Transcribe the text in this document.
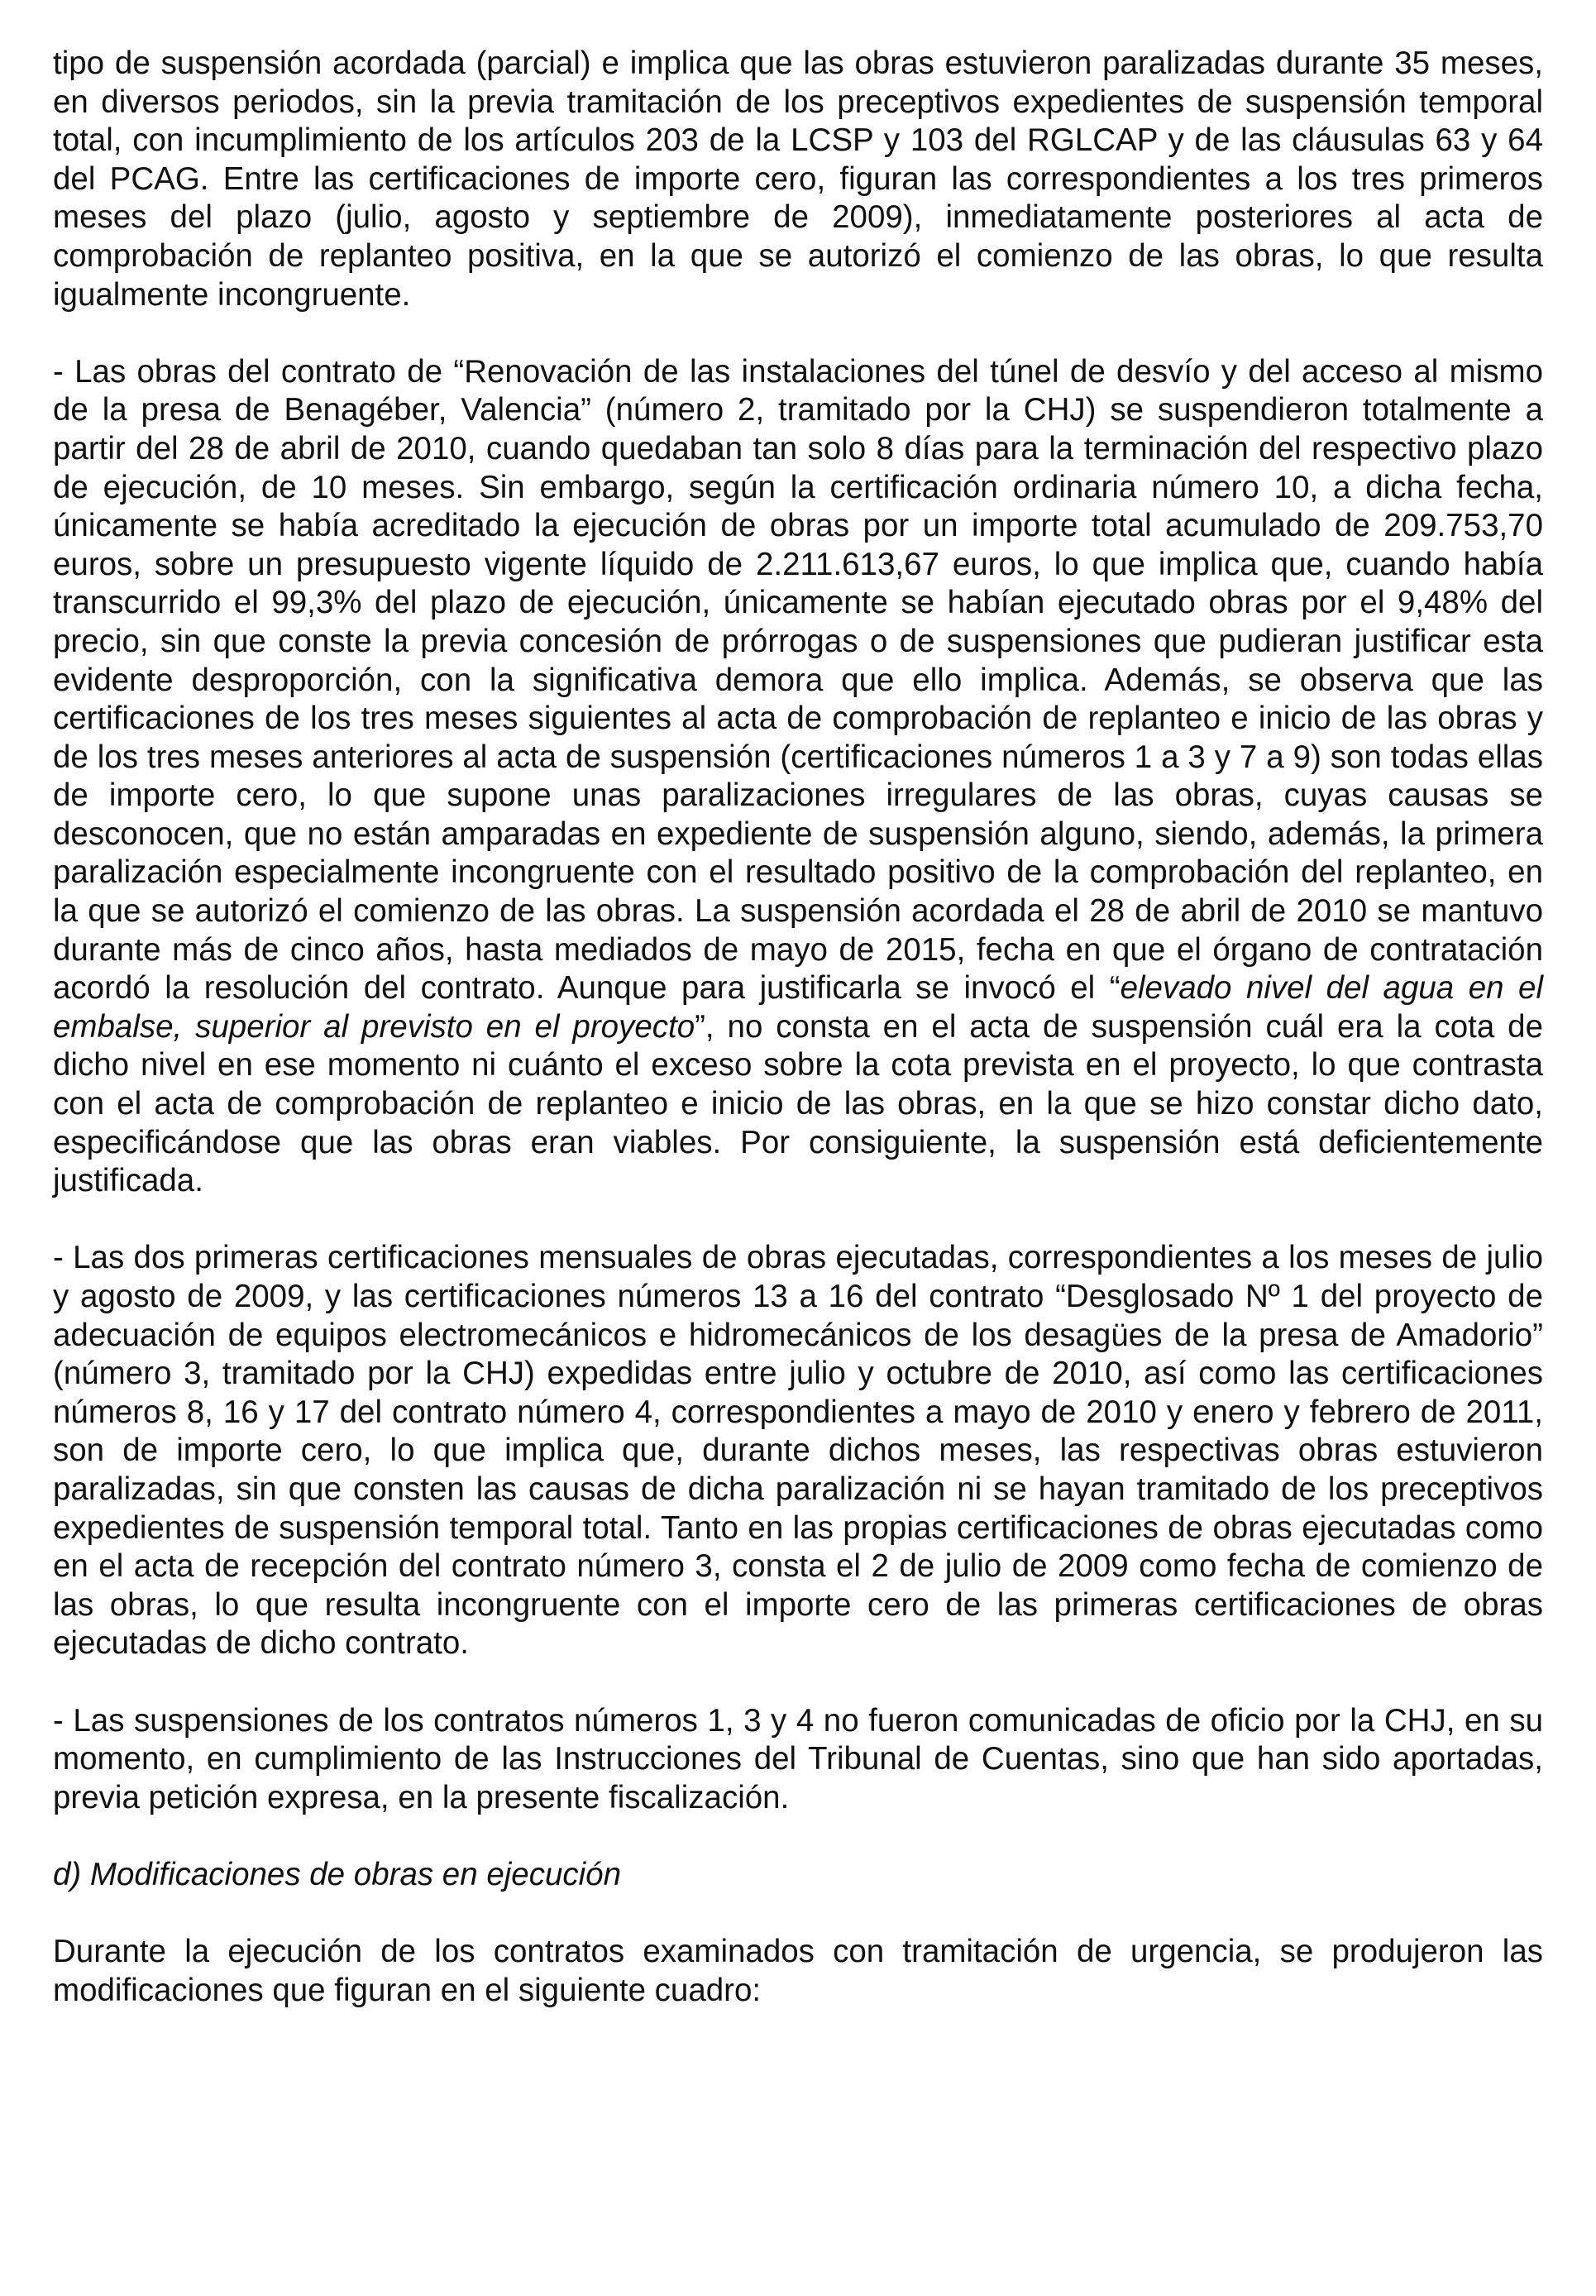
tipo de suspensión acordada (parcial) e implica que las obras estuvieron paralizadas durante 35 meses, en diversos periodos, sin la previa tramitación de los preceptivos expedientes de suspensión temporal total, con incumplimiento de los artículos 203 de la LCSP y 103 del RGLCAP y de las cláusulas 63 y 64 del PCAG. Entre las certificaciones de importe cero, figuran las correspondientes a los tres primeros meses del plazo (julio, agosto y septiembre de 2009), inmediatamente posteriores al acta de comprobación de replanteo positiva, en la que se autorizó el comienzo de las obras, lo que resulta igualmente incongruente.

- Las obras del contrato de “Renovación de las instalaciones del túnel de desvío y del acceso al mismo de la presa de Benagéber, Valencia” (número 2, tramitado por la CHJ) se suspendieron totalmente a partir del 28 de abril de 2010, cuando quedaban tan solo 8 días para la terminación del respectivo plazo de ejecución, de 10 meses. Sin embargo, según la certificación ordinaria número 10, a dicha fecha, únicamente se había acreditado la ejecución de obras por un importe total acumulado de 209.753,70 euros, sobre un presupuesto vigente líquido de 2.211.613,67 euros, lo que implica que, cuando había transcurrido el 99,3% del plazo de ejecución, únicamente se habían ejecutado obras por el 9,48% del precio, sin que conste la previa concesión de prórrogas o de suspensiones que pudieran justificar esta evidente desproporción, con la significativa demora que ello implica. Además, se observa que las certificaciones de los tres meses siguientes al acta de comprobación de replanteo e inicio de las obras y de los tres meses anteriores al acta de suspensión (certificaciones números 1 a 3 y 7 a 9) son todas ellas de importe cero, lo que supone unas paralizaciones irregulares de las obras, cuyas causas se desconocen, que no están amparadas en expediente de suspensión alguno, siendo, además, la primera paralización especialmente incongruente con el resultado positivo de la comprobación del replanteo, en la que se autorizó el comienzo de las obras. La suspensión acordada el 28 de abril de 2010 se mantuvo durante más de cinco años, hasta mediados de mayo de 2015, fecha en que el órgano de contratación acordó la resolución del contrato. Aunque para justificarla se invocó el “elevado nivel del agua en el embalse, superior al previsto en el proyecto”, no consta en el acta de suspensión cuál era la cota de dicho nivel en ese momento ni cuánto el exceso sobre la cota prevista en el proyecto, lo que contrasta con el acta de comprobación de replanteo e inicio de las obras, en la que se hizo constar dicho dato, especificándose que las obras eran viables. Por consiguiente, la suspensión está deficientemente justificada.

- Las dos primeras certificaciones mensuales de obras ejecutadas, correspondientes a los meses de julio y agosto de 2009, y las certificaciones números 13 a 16 del contrato “Desglosado Nº 1 del proyecto de adecuación de equipos electromecánicos e hidromecánicos de los desagües de la presa de Amadorio” (número 3, tramitado por la CHJ) expedidas entre julio y octubre de 2010, así como las certificaciones números 8, 16 y 17 del contrato número 4, correspondientes a mayo de 2010 y enero y febrero de 2011, son de importe cero, lo que implica que, durante dichos meses, las respectivas obras estuvieron paralizadas, sin que consten las causas de dicha paralización ni se hayan tramitado de los preceptivos expedientes de suspensión temporal total. Tanto en las propias certificaciones de obras ejecutadas como en el acta de recepción del contrato número 3, consta el 2 de julio de 2009 como fecha de comienzo de las obras, lo que resulta incongruente con el importe cero de las primeras certificaciones de obras ejecutadas de dicho contrato.

- Las suspensiones de los contratos números 1, 3 y 4 no fueron comunicadas de oficio por la CHJ, en su momento, en cumplimiento de las Instrucciones del Tribunal de Cuentas, sino que han sido aportadas, previa petición expresa, en la presente fiscalización.

d) Modificaciones de obras en ejecución

Durante la ejecución de los contratos examinados con tramitación de urgencia, se produjeron las modificaciones que figuran en el siguiente cuadro:
